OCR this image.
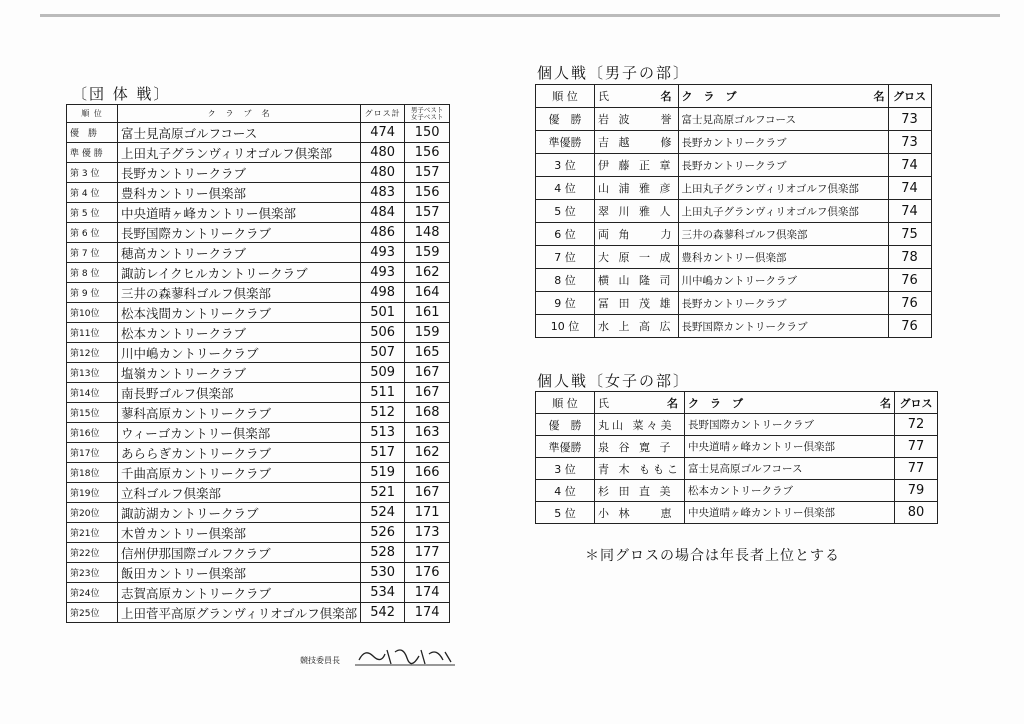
〔団 体 戦〕
順 位	ク　ラ　ブ　名	グロス計	男子ベスト
女子ベスト

優　勝	富士見高原ゴルフコース	474	150
準 優 勝	上田丸子グランヴィリオゴルフ倶楽部	480	156
第 3 位	長野カントリークラブ	480	157
第 4 位	豊科カントリー倶楽部	483	156
第 5 位	中央道晴ヶ峰カントリー倶楽部	484	157
第 6 位	長野国際カントリークラブ	486	148
第 7 位	穂高カントリークラブ	493	159
第 8 位	諏訪レイクヒルカントリークラブ	493	162
第 9 位	三井の森蓼科ゴルフ倶楽部	498	164
第10位	松本浅間カントリークラブ	501	161
第11位	松本カントリークラブ	506	159
第12位	川中嶋カントリークラブ	507	165
第13位	塩嶺カントリークラブ	509	167
第14位	南長野ゴルフ倶楽部	511	167
第15位	蓼科高原カントリークラブ	512	168
第16位	ウィーゴカントリー倶楽部	513	163
第17位	あららぎカントリークラブ	517	162
第18位	千曲高原カントリークラブ	519	166
第19位	立科ゴルフ倶楽部	521	167
第20位	諏訪湖カントリークラブ	524	171
第21位	木曽カントリー倶楽部	526	173
第22位	信州伊那国際ゴルフクラブ	528	177
第23位	飯田カントリー倶楽部	530	176
第24位	志賀高原カントリークラブ	534	174
第25位	上田菅平高原グランヴィリオゴルフ倶楽部	542	174
個人戦〔男子の部〕
順 位	氏 名	ク　ラ　ブ 名	グロス
優　勝	岩 波　　誉	富士見高原ゴルフコース	73
準優勝	吉 越　　修	長野カントリークラブ	73
3 位	伊 藤 正 章	長野カントリークラブ	74
4 位	山 浦 雅 彦	上田丸子グランヴィリオゴルフ倶楽部	74
5 位	翠 川 雅 人	上田丸子グランヴィリオゴルフ倶楽部	74
6 位	両 角　　力	三井の森蓼科ゴルフ倶楽部	75
7 位	大 原 一 成	豊科カントリー倶楽部	78
8 位	横 山 隆 司	川中嶋カントリークラブ	76
9 位	冨 田 茂 雄	長野カントリークラブ	76
10 位	水 上 高 広	長野国際カントリークラブ	76
個人戦〔女子の部〕
順 位	氏 名	ク　ラ　ブ 名	グロス
優　勝	丸山 菜々美	長野国際カントリークラブ	72
準優勝	泉 谷 寛 子	中央道晴ヶ峰カントリー倶楽部	77
3 位	青 木 ももこ	富士見高原ゴルフコース	77
4 位	杉 田 直 美	松本カントリークラブ	79
5 位	小 林　　恵	中央道晴ヶ峰カントリー倶楽部	80
＊同グロスの場合は年長者上位とする
競技委員長
